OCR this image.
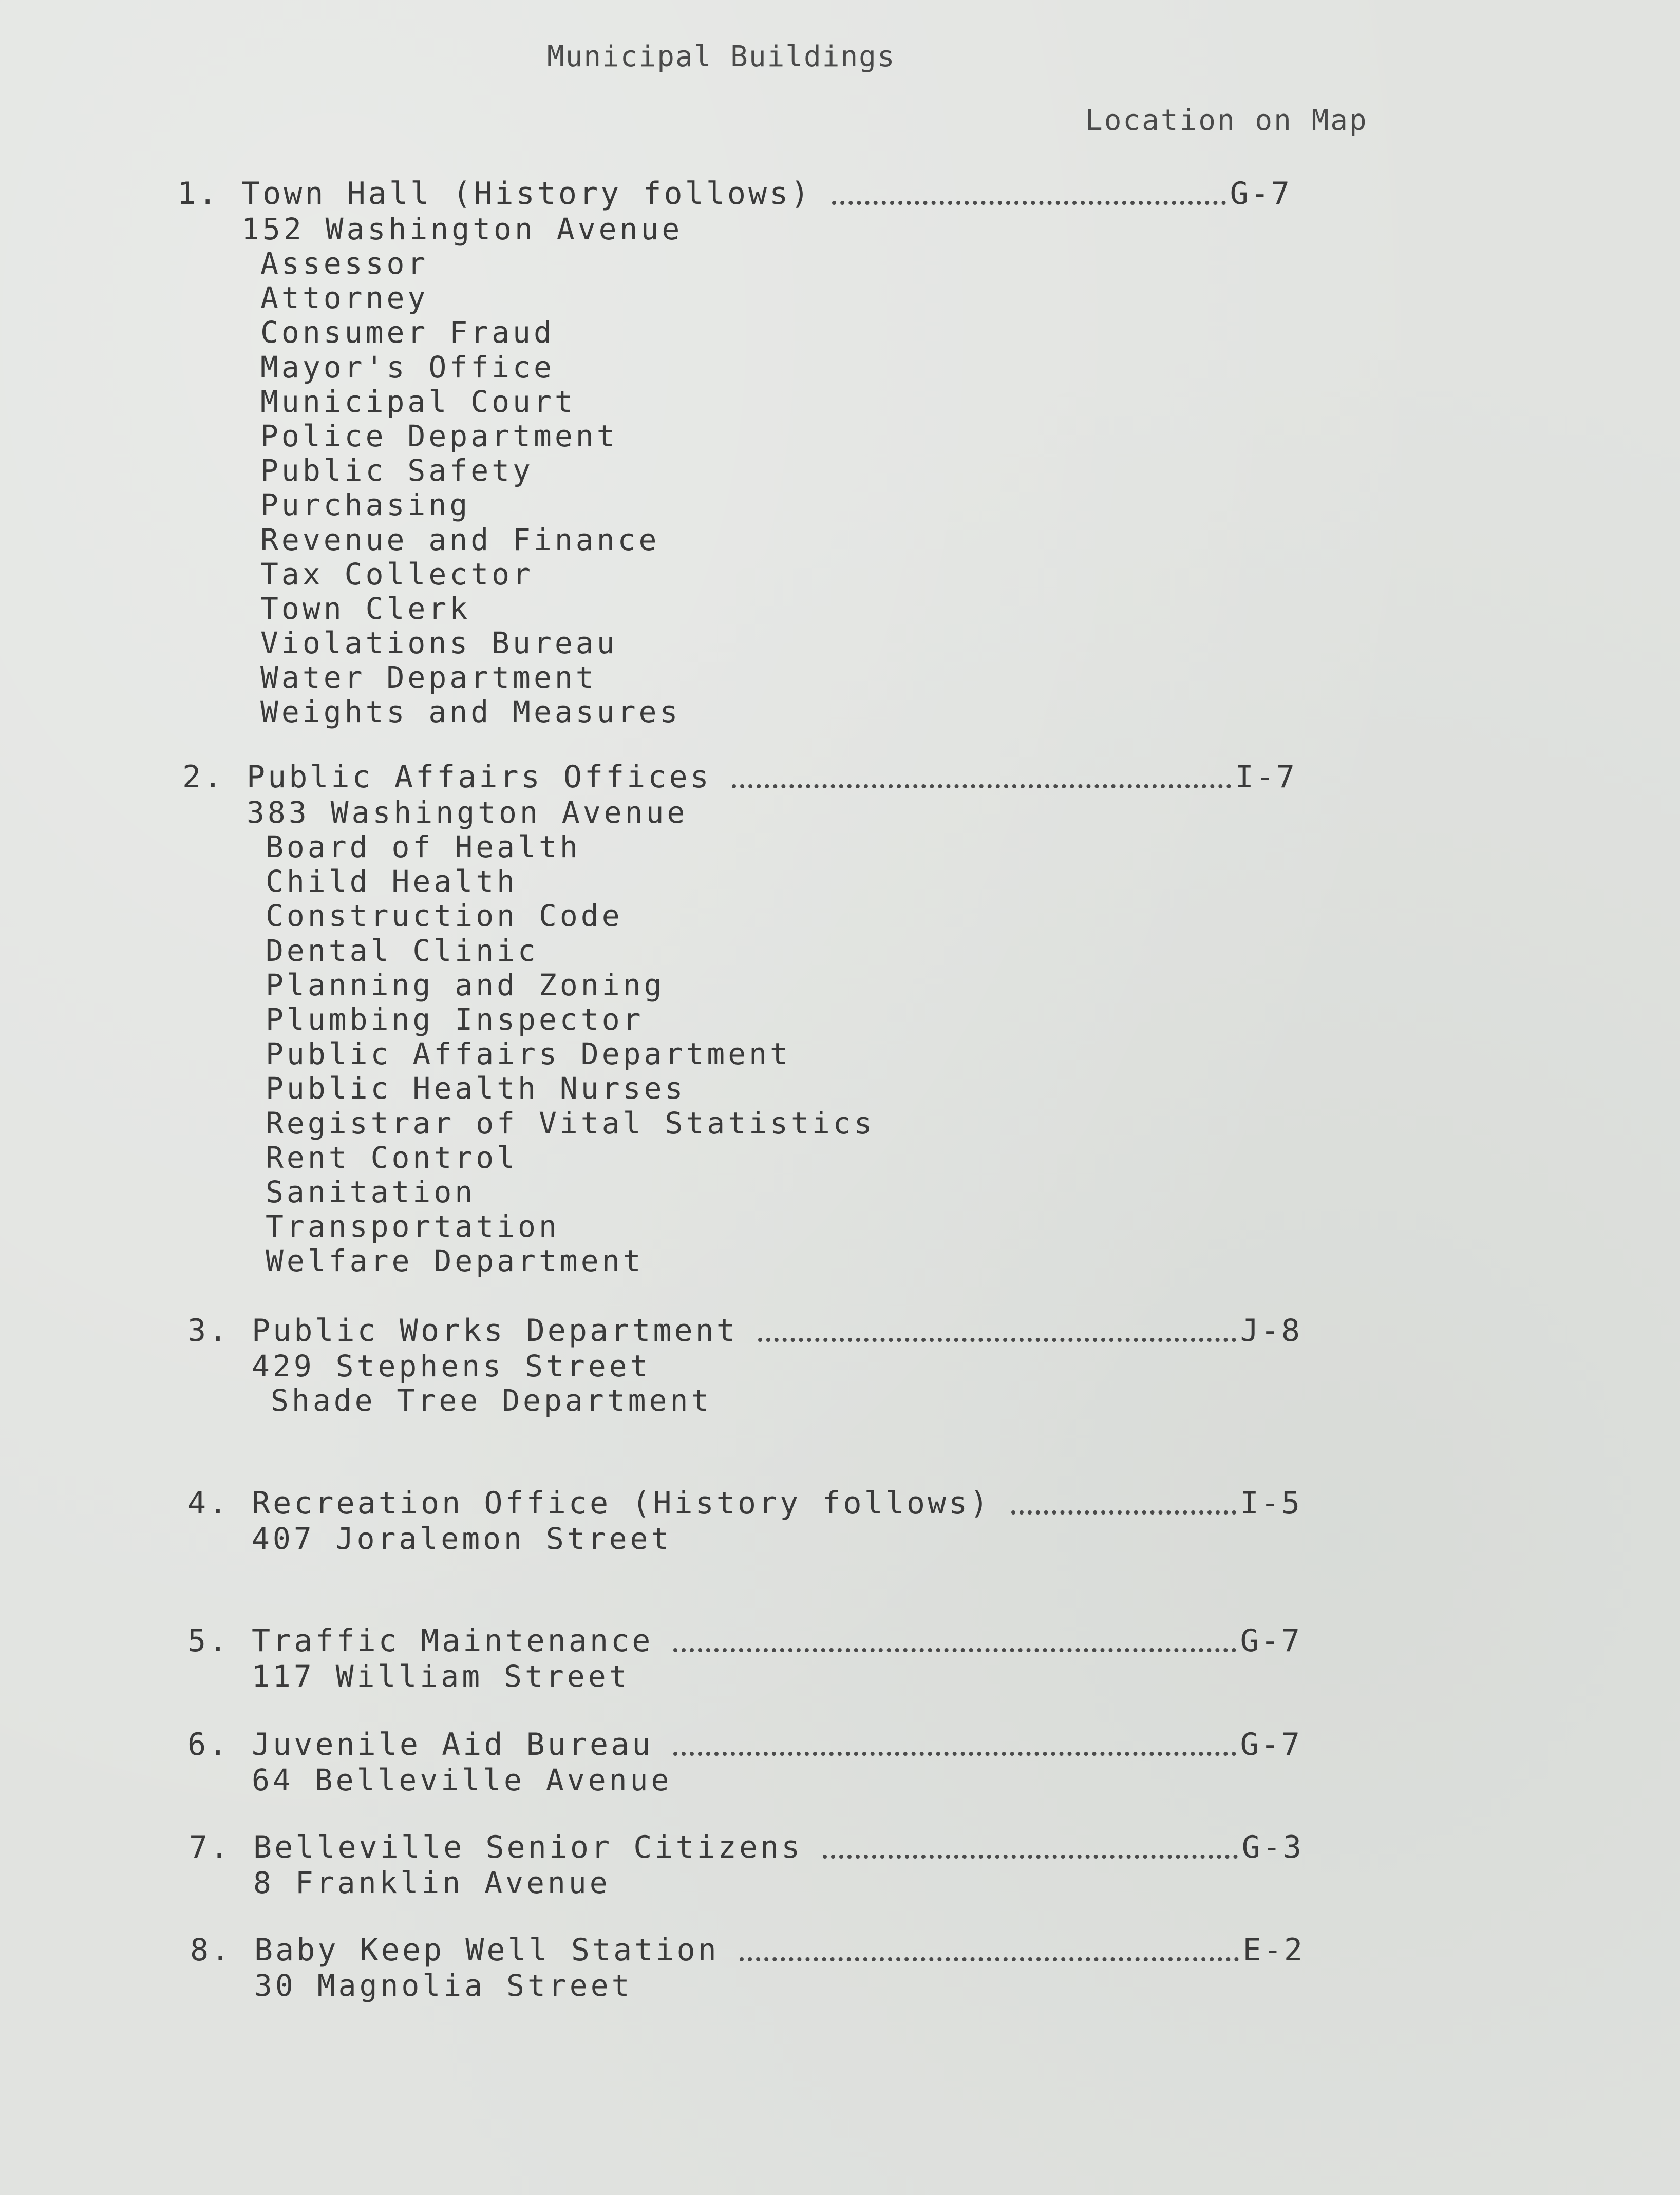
Municipal Buildings
Location on Map
1. Town Hall (History follows)	G-7
152 Washington Avenue
Assessor
Attorney
Consumer Fraud
Mayor's Office
Municipal Court
Police Department
Public Safety
Purchasing
Revenue and Finance
Tax Collector
Town Clerk
Violations Bureau
Water Department
Weights and Measures
2. Public Affairs Offices	I-7
383 Washington Avenue
Board of Health
Child Health
Construction Code
Dental Clinic
Planning and Zoning
Plumbing Inspector
Public Affairs Department
Public Health Nurses
Registrar of Vital Statistics
Rent Control
Sanitation
Transportation
Welfare Department
3. Public Works Department	J-8
429 Stephens Street
Shade Tree Department
4. Recreation Office (History follows)	I-5
407 Joralemon Street
5. Traffic Maintenance	G-7
117 William Street
6. Juvenile Aid Bureau	G-7
64 Belleville Avenue
7. Belleville Senior Citizens	G-3
8 Franklin Avenue
8. Baby Keep Well Station	E-2
30 Magnolia Street
